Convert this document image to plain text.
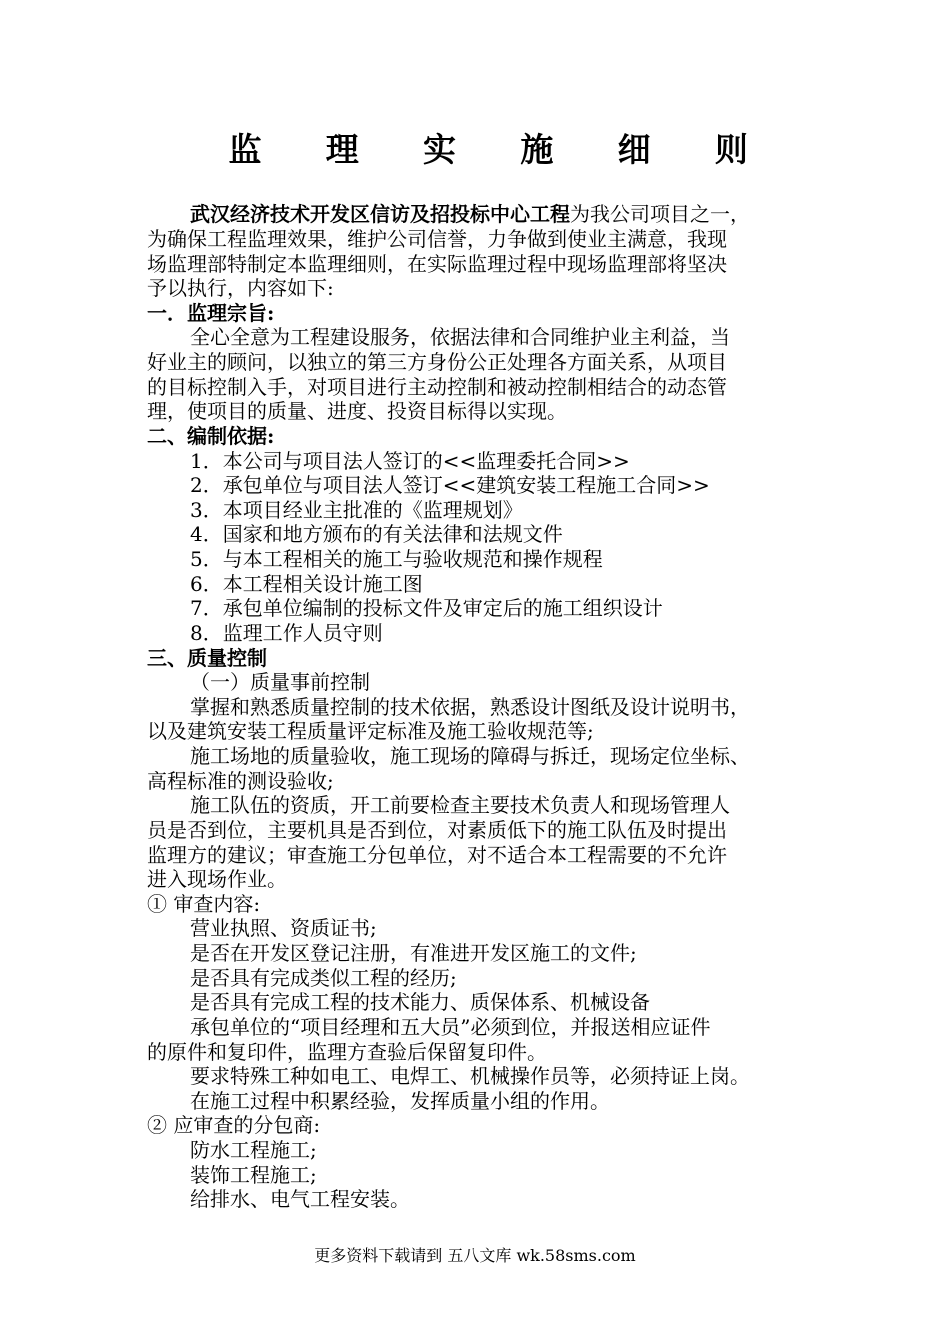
监 理 实 施 细 则
武汉经济技术开发区信访及招投标中心工程为我公司项目之一，
为确保工程监理效果，维护公司信誉，力争做到使业主满意，我现
场监理部特制定本监理细则，在实际监理过程中现场监理部将坚决
予以执行，内容如下:
一．监理宗旨:
全心全意为工程建设服务，依据法律和合同维护业主利益，当
好业主的顾问，以独立的第三方身份公正处理各方面关系，从项目
的目标控制入手，对项目进行主动控制和被动控制相结合的动态管
理，使项目的质量、进度、投资目标得以实现。
二、编制依据:
1．本公司与项目法人签订的<<监理委托合同>>
2．承包单位与项目法人签订<<建筑安装工程施工合同>>
3．本项目经业主批准的《监理规划》
4．国家和地方颁布的有关法律和法规文件
5．与本工程相关的施工与验收规范和操作规程
6．本工程相关设计施工图
7．承包单位编制的投标文件及审定后的施工组织设计
8．监理工作人员守则
三、质量控制
（一）质量事前控制
掌握和熟悉质量控制的技术依据，熟悉设计图纸及设计说明书，
以及建筑安装工程质量评定标准及施工验收规范等;
施工场地的质量验收，施工现场的障碍与拆迁，现场定位坐标、
高程标准的测设验收;
施工队伍的资质，开工前要检查主要技术负责人和现场管理人
员是否到位，主要机具是否到位，对素质低下的施工队伍及时提出
监理方的建议；审查施工分包单位，对不适合本工程需要的不允许
进入现场作业。
① 审查内容:
营业执照、资质证书;
是否在开发区登记注册，有准进开发区施工的文件;
是否具有完成类似工程的经历;
是否具有完成工程的技术能力、质保体系、机械设备
承包单位的“项目经理和五大员”必须到位，并报送相应证件
的原件和复印件，监理方查验后保留复印件。
要求特殊工种如电工、电焊工、机械操作员等，必须持证上岗。
在施工过程中积累经验，发挥质量小组的作用。
② 应审查的分包商:
防水工程施工;
装饰工程施工;
给排水、电气工程安装。
更多资料下载请到 五八文库 wk.58sms.com
